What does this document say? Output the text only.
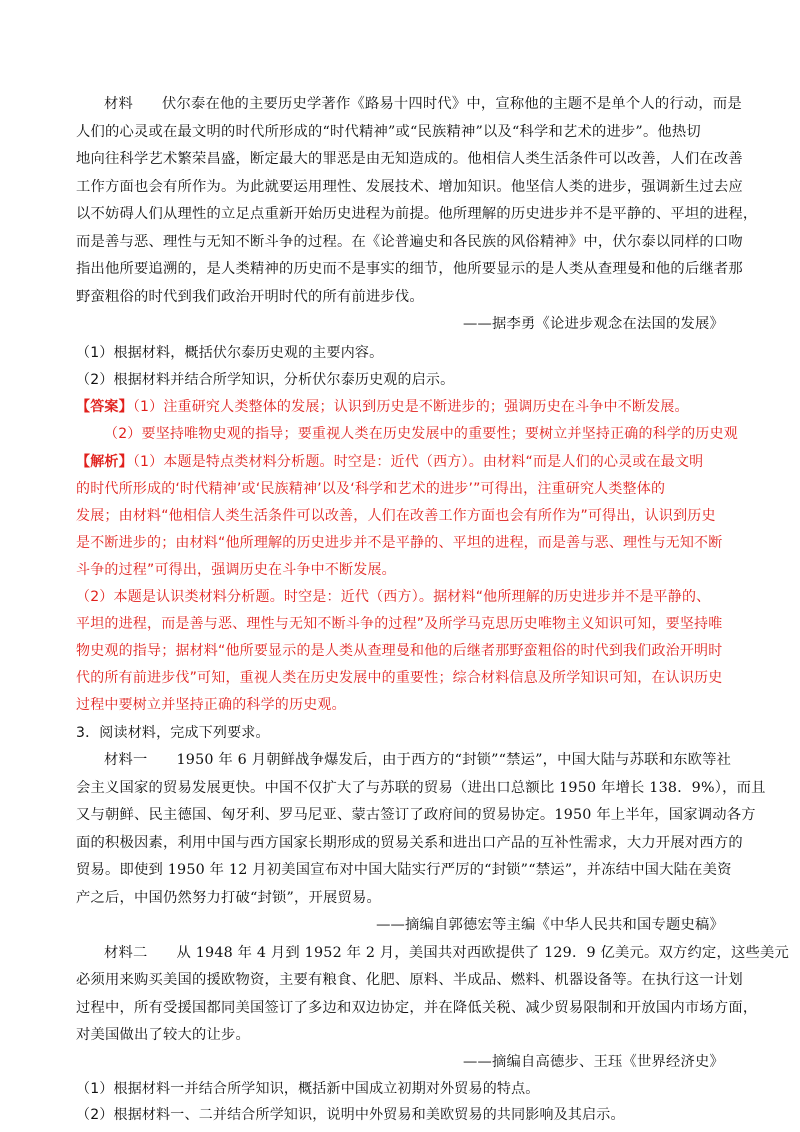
材料　　伏尔泰在他的主要历史学著作《路易十四时代》中，宣称他的主题不是单个人的行动，而是

人们的心灵或在最文明的时代所形成的“时代精神”或“民族精神”以及“科学和艺术的进步”。他热切

地向往科学艺术繁荣昌盛，断定最大的罪恶是由无知造成的。他相信人类生活条件可以改善，人们在改善

工作方面也会有所作为。为此就要运用理性、发展技术、增加知识。他坚信人类的进步，强调新生过去应

以不妨碍人们从理性的立足点重新开始历史进程为前提。他所理解的历史进步并不是平静的、平坦的进程，

而是善与恶、理性与无知不断斗争的过程。在《论普遍史和各民族的风俗精神》中，伏尔泰以同样的口吻

指出他所要追溯的，是人类精神的历史而不是事实的细节，他所要显示的是人类从查理曼和他的后继者那

野蛮粗俗的时代到我们政治开明时代的所有前进步伐。

——据李勇《论进步观念在法国的发展》

（1）根据材料，概括伏尔泰历史观的主要内容。

（2）根据材料并结合所学知识，分析伏尔泰历史观的启示。

【答案】（1）注重研究人类整体的发展；认识到历史是不断进步的；强调历史在斗争中不断发展。

（2）要坚持唯物史观的指导；要重视人类在历史发展中的重要性；要树立并坚持正确的科学的历史观

【解析】（1）本题是特点类材料分析题。时空是：近代（西方）。由材料“而是人们的心灵或在最文明

的时代所形成的‘时代精神’或‘民族精神’以及‘科学和艺术的进步’”可得出，注重研究人类整体的

发展；由材料“他相信人类生活条件可以改善，人们在改善工作方面也会有所作为”可得出，认识到历史

是不断进步的；由材料“他所理解的历史进步并不是平静的、平坦的进程，而是善与恶、理性与无知不断

斗争的过程”可得出，强调历史在斗争中不断发展。

（2）本题是认识类材料分析题。时空是：近代（西方）。据材料“他所理解的历史进步并不是平静的、

平坦的进程，而是善与恶、理性与无知不断斗争的过程”及所学马克思历史唯物主义知识可知，要坚持唯

物史观的指导；据材料“他所要显示的是人类从查理曼和他的后继者那野蛮粗俗的时代到我们政治开明时

代的所有前进步伐”可知，重视人类在历史发展中的重要性；综合材料信息及所学知识可知，在认识历史

过程中要树立并坚持正确的科学的历史观。

3．阅读材料，完成下列要求。

材料一　　1950 年 6 月朝鲜战争爆发后，由于西方的“封锁”“禁运”，中国大陆与苏联和东欧等社

会主义国家的贸易发展更快。中国不仅扩大了与苏联的贸易（进出口总额比 1950 年增长 138．9%），而且

又与朝鲜、民主德国、匈牙利、罗马尼亚、蒙古签订了政府间的贸易协定。1950 年上半年，国家调动各方

面的积极因素，利用中国与西方国家长期形成的贸易关系和进出口产品的互补性需求，大力开展对西方的

贸易。即使到 1950 年 12 月初美国宣布对中国大陆实行严厉的“封锁”“禁运”，并冻结中国大陆在美资

产之后，中国仍然努力打破“封锁”，开展贸易。

——摘编自郭德宏等主编《中华人民共和国专题史稿》

材料二　　从 1948 年 4 月到 1952 年 2 月，美国共对西欧提供了 129．9 亿美元。双方约定，这些美元

必须用来购买美国的援欧物资，主要有粮食、化肥、原料、半成品、燃料、机器设备等。在执行这一计划

过程中，所有受援国都同美国签订了多边和双边协定，并在降低关税、减少贸易限制和开放国内市场方面，

对美国做出了较大的让步。

——摘编自高德步、王珏《世界经济史》

（1）根据材料一并结合所学知识，概括新中国成立初期对外贸易的特点。

（2）根据材料一、二并结合所学知识，说明中外贸易和美欧贸易的共同影响及其启示。
